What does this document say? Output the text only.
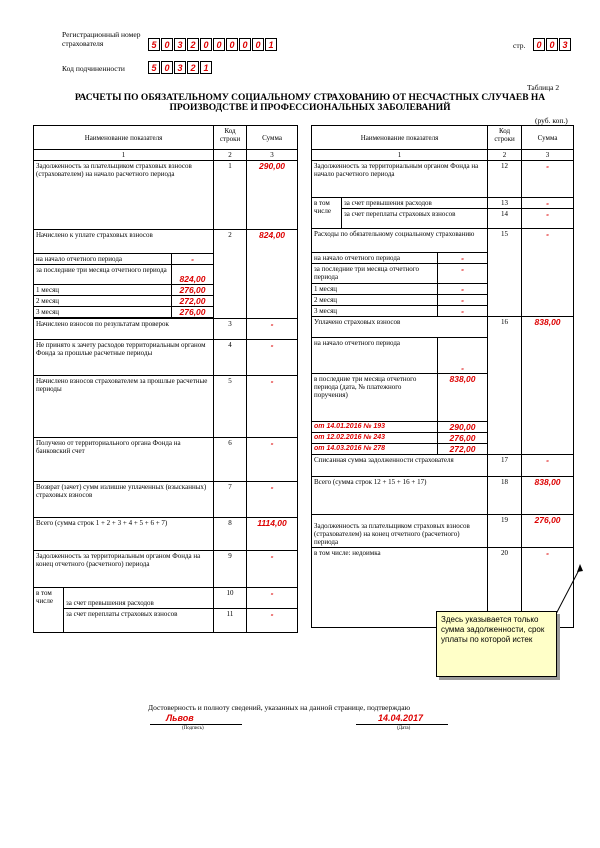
Регистрационный номер
страхователя	5 0 3 2 0 0 0 0 0 1	стр.	0 0 3
Код подчиненности	5 0 3 2 1
Таблица 2
РАСЧЕТЫ ПО ОБЯЗАТЕЛЬНОМУ СОЦИАЛЬНОМУ СТРАХОВАНИЮ ОТ НЕСЧАСТНЫХ СЛУЧАЕВ НА ПРОИЗВОДСТВЕ И ПРОФЕССИОНАЛЬНЫХ ЗАБОЛЕВАНИЙ
(руб. коп.)
Наименование показателя			Код строки	Сумма
1			2	3
Задолженность за плательщиком страховых взносов (страхователем) на начало расчетного периода			1	290,00
Начислено к уплате страховых взносов			2	824,00
на начало отчетного периода		-		
за последние три месяца отчетного периода		824,00		
1 месяц		276,00		
2 месяц		272,00		
3 месяц		276,00		

Начислено взносов по результатам проверок			3	-
Не принято к зачету расходов территориальным органом Фонда за прошлые расчетные периоды			4	-
Начислено взносов страхователем за прошлые расчетные периоды			5	-
Получено от территориального органа Фонда на банковский счет			6	-
Возврат (зачет) сумм излишне уплаченных (взысканных) страховых взносов			7	-
Всего (сумма строк 1 + 2 + 3 + 4 + 5 + 6 + 7)			8	1114,00
Задолженность за территориальным органом Фонда на конец отчетного (расчетного) периода			9	-
в том числе	за счет превышения расходов		10	-
	за счет переплаты страховых взносов		11	-
Наименование показателя			Код строки	Сумма
1			2	3
Задолженность за территориальным органом Фонда на начало расчетного периода			12	-
в том числе	за счет превышения расходов		13	-
	за счет переплаты страховых взносов		14	-
Расходы по обязательному социальному страхованию			15	-
на начало отчетного периода		-		
за последние три месяца отчетного периода		-		
1 месяц		-		
2 месяц		-		
3 месяц		-		
Уплачено страховых взносов			16	838,00
на начало отчетного периода		-		
в последние три месяца отчетного периода (дата, № платежного поручения)		838,00		
от 14.01.2016 № 193		290,00		
от 12.02.2016 № 243		276,00		
от 14.03.2016 № 278		272,00		
Списанная сумма задолженности страхователя			17	-
Всего (сумма строк 12 + 15 + 16 + 17)			18	838,00
Задолженность за плательщиком страховых взносов (страхователем) на конец отчетного (расчетного) периода			19	276,00
в том числе: недоимка			20	-
Здесь указывается только сумма задолженности, срок уплаты по которой истек
Достоверность и полноту сведений, указанных на данной странице, подтверждаю
Львов
(Подпись)
14.04.2017
(Дата)
